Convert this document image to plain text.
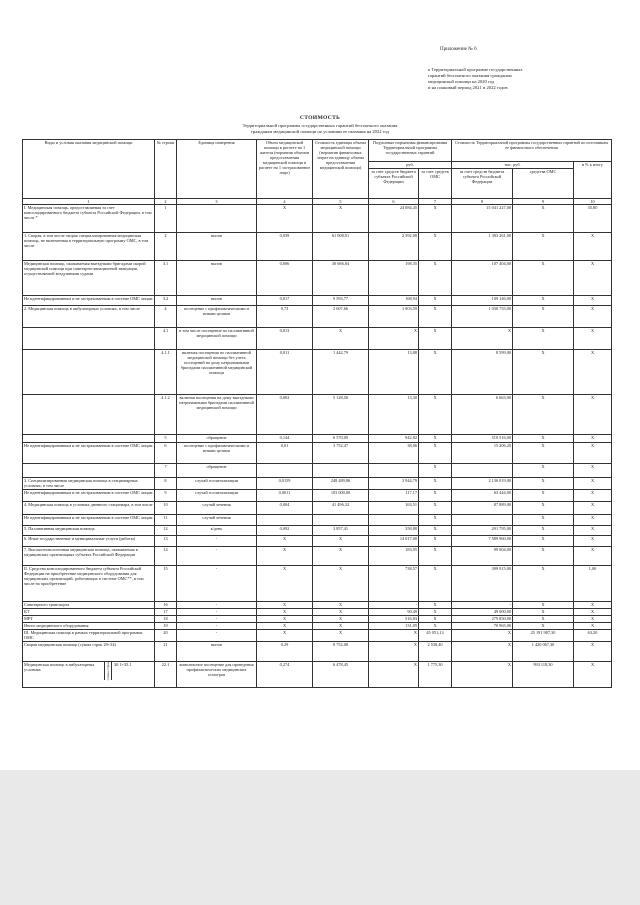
Приложение № 6
к Территориальной программе государственных
гарантий бесплатного оказания гражданам
медицинской помощи на 2020 год
и на плановый период 2021 и 2022 годов
СТОИМОСТЬ
Территориальной программы государственных гарантий бесплатного оказания
гражданам медицинской помощи по условиям ее оказания на 2022 год
Виды и условия оказания медицинской помощи	№ строки	Единица измерения	Объем медицинской помощи в расчете на 1 жителя (норматив объемов предоставления медицинской помощи в расчете на 1 застрахованное лицо)	Стоимость единицы объема медицинской помощи (норматив финансовых затрат на единицу объема предоставления медицинской помощи)	Подушевые нормативы финансирования Территориальной программы государственных гарантий		Стоимость Территориальной программы государственных гарантий по источникам ее финансового обеспечения		
					руб.		тыс. руб.		в % к итогу
					за счет средств бюджета субъекта Российской Федерации	за счет средств ОМС	за счет средств бюджета субъекта Российской Федерации	средства ОМС	
1	2	3	4	5	6	7	8	9	10
I. Медицинская помощь, предоставляемая за счет консолидированного бюджета субъекта Российской Федерации, в том числе *	1		X	X	24 084,45	X	15 041 227,00	X	35,80
1. Скорая, в том числе скорая специализированная медицинская помощь, не включенная в территориальную программу ОМС, в том числе	2	вызов	0,039	61 008,01	2 392,08	X	1 393 261,00	X	X
Медицинская помощь, оказываемая выездными бригадами скорой медицинской помощи при санитарно-авиационной эвакуации, осуществляемой воздушными судами	3.1	вызов	0,006	30 686,84	198,35	X	107 404,00	X	X
Не идентифицированным и не застрахованным в системе ОМС лицам	3.2	вызов	0,017	9 593,77	168,94	X	109 146,00	X	X
2. Медицинская помощь в амбулаторных условиях, в том числе	4	посещение с профилактическими и иными целями	0,73	2 607,66	1 903,59	X	1 030 755,00	X	X
	4.1	в том числе посещение по паллиативной медицинской помощи	0,013	X	X	X	X	X	X
	4.1.1	включая посещения по паллиативной медицинской помощи без учета посещений на дому патронажными бригадами паллиативной медицинской помощи	0,011	1 442,79	13,88	X	8 599,00	X	X
	4.1.2	включая посещения на дому выездными патронажными бригадами паллиативной медицинской помощи	0,002	5 128,56	13,30	X	6 663,00	X	X
	5	обращение	0,144	6 570,09	942,82	X	510 516,00	X	X
Не идентифицированным и не застрахованным в системе ОМС лицам	6	посещение с профилактическими и иными целями	0,01	3 752,47	38,06	X	15 206,20	X	X
	7	обращение				X		X	X
3. Специализированная медицинская помощь в стационарных условиях, в том числе	8	случай госпитализации	0,0159	248 489,86	3 944,79	X	2 136 019,00	X	X
Не идентифицированным и не застрахованным в системе ОМС лицам	9	случай госпитализации	0,0011	103 000,00	117,17	X	63 444,00	X	X
4. Медицинская помощь в условиях дневного стационара, в том числе	10	случай лечения	0,004	41 496,32	163,51	X	87 889,00	X	X
Не идентифицированным и не застрахованным в системе ОМС лицам	11	случай лечения				X		X	X
5. Паллиативная медицинская помощь	12	к/день	0,092	3 857,41	358,88	X	291 795,00	X	X
6. Иные государственные и муниципальные услуги (работы)	13	-	X	X	14 017,00	X	7 589 960,00	X	X
7. Высокотехнологичная медицинская помощь, оказываемая в медицинских организациях субъекта Российской Федерации	14	-	X	X	183,95	X	99 604,00	X	X
II. Средства консолидированного бюджета субъекта Российской Федерации на приобретение медицинского оборудования для медицинских организаций, работающих в системе ОМС**, в том числе на приобретение	15	-	X	X	738,57	X	399 915,00	X	1,00
Санитарного транспорта	16	-	X	X	-	X	-	X	X
КТ	17	-	X	X	90,49	X	49 000,00	X	X
МРТ	18	-	X	X	516,83	X	279 850,00	X	X
Иного медицинского оборудования	19	-	X	X	131,05	X	70 965,00	X	X
III. Медицинская помощь в рамках территориальной программы ОМС	20	-	X	X	X	45 051,13	X	25 191 987,30	63,20
Скорая медицинская помощь (сумма строк 29+34)	21	вызов	0,29	8 752,08	X	2 538,40	X	1 420 067,30	X

Медицинская помощь в амбулаторных условиях сумма строк 30.1+35.1	22.1	комплексное посещение для проведения профилактических медицинских осмотров	0,274	6 478,45	X	1 775,30	X	993 118,30	X
